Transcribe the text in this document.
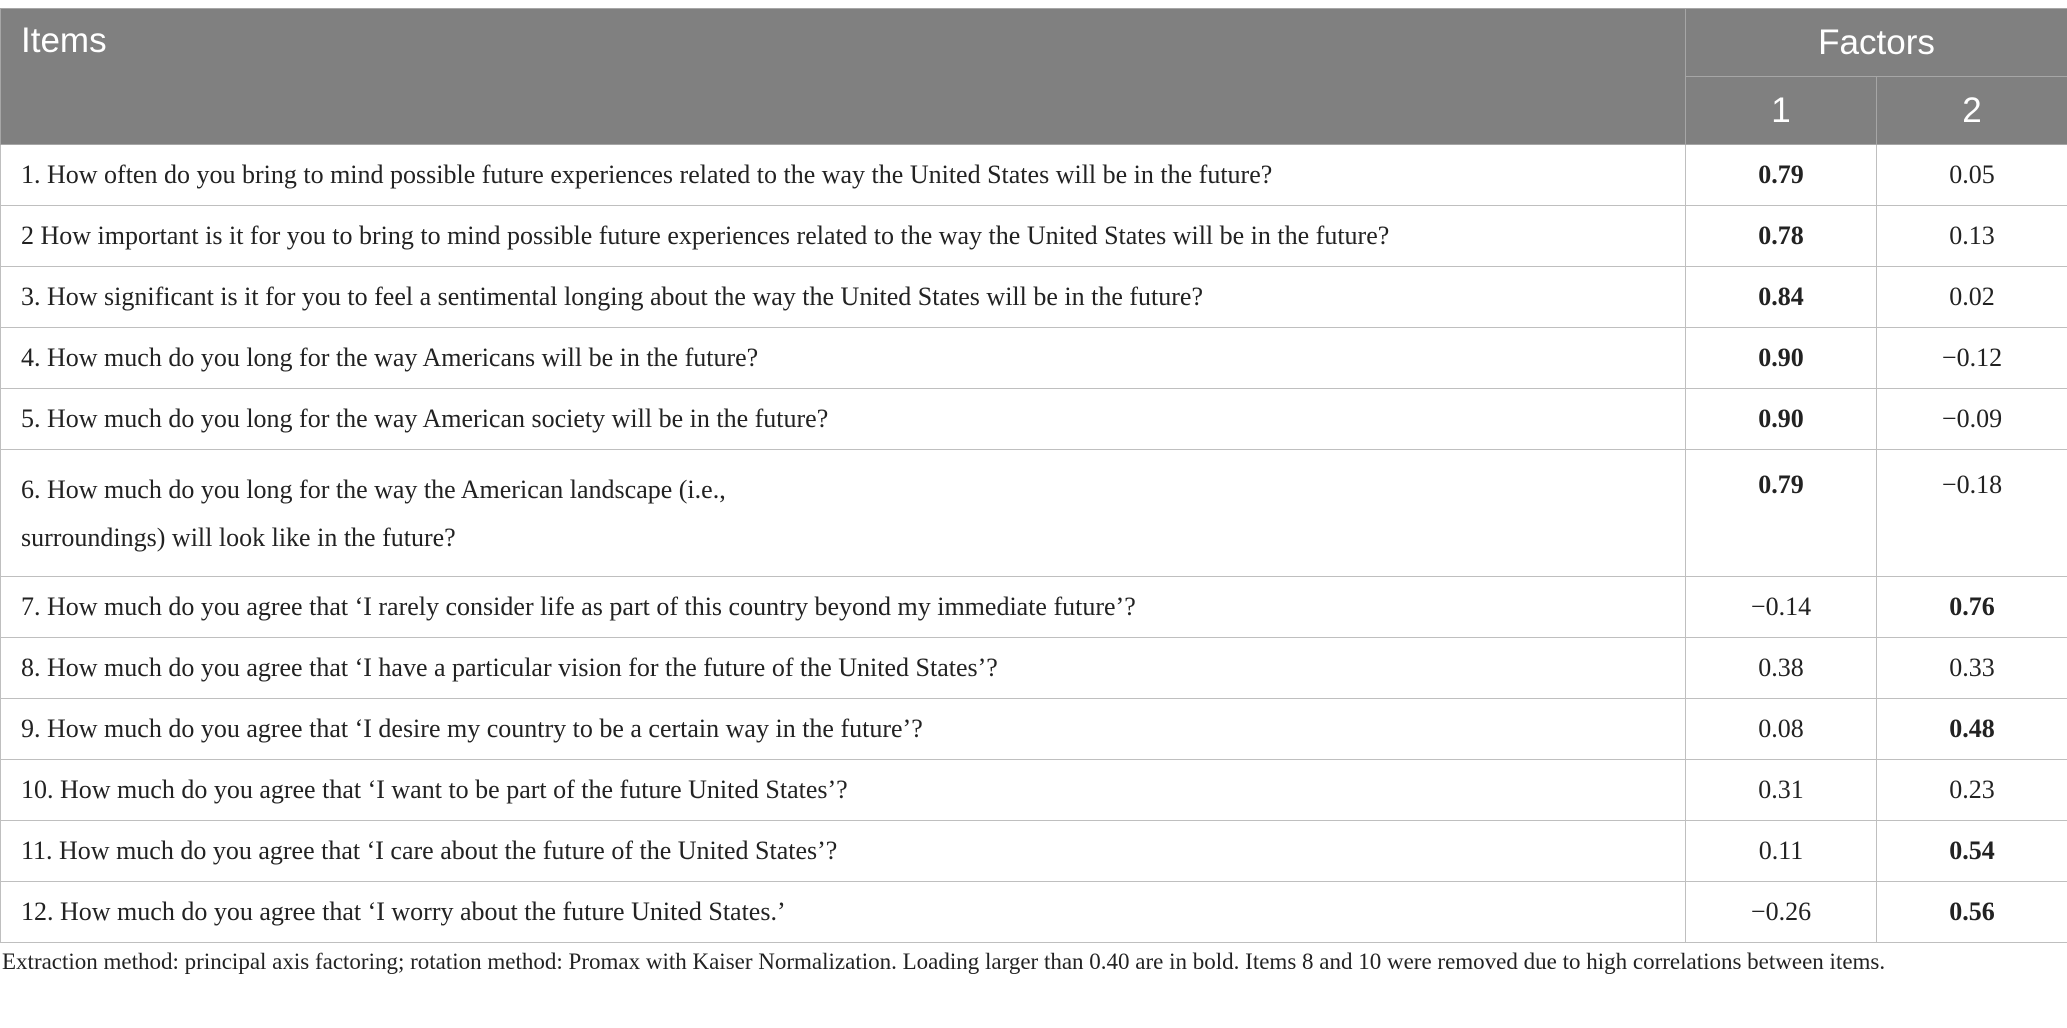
Items	Factors	
	1	2
1. How often do you bring to mind possible future experiences related to the way the United States will be in the future?	0.79	0.05
2 How important is it for you to bring to mind possible future experiences related to the way the United States will be in the future?	0.78	0.13
3. How significant is it for you to feel a sentimental longing about the way the United States will be in the future?	0.84	0.02
4. How much do you long for the way Americans will be in the future?	0.90	−0.12
5. How much do you long for the way American society will be in the future?	0.90	−0.09
6. How much do you long for the way the American landscape (i.e.,
surroundings) will look like in the future?	0.79	−0.18
7. How much do you agree that ‘I rarely consider life as part of this country beyond my immediate future’?	−0.14	0.76
8. How much do you agree that ‘I have a particular vision for the future of the United States’?	0.38	0.33
9. How much do you agree that ‘I desire my country to be a certain way in the future’?	0.08	0.48
10. How much do you agree that ‘I want to be part of the future United States’?	0.31	0.23
11. How much do you agree that ‘I care about the future of the United States’?	0.11	0.54
12. How much do you agree that ‘I worry about the future United States.’	−0.26	0.56
Extraction method: principal axis factoring; rotation method: Promax with Kaiser Normalization. Loading larger than 0.40 are in bold. Items 8 and 10 were removed due to high correlations between items.
